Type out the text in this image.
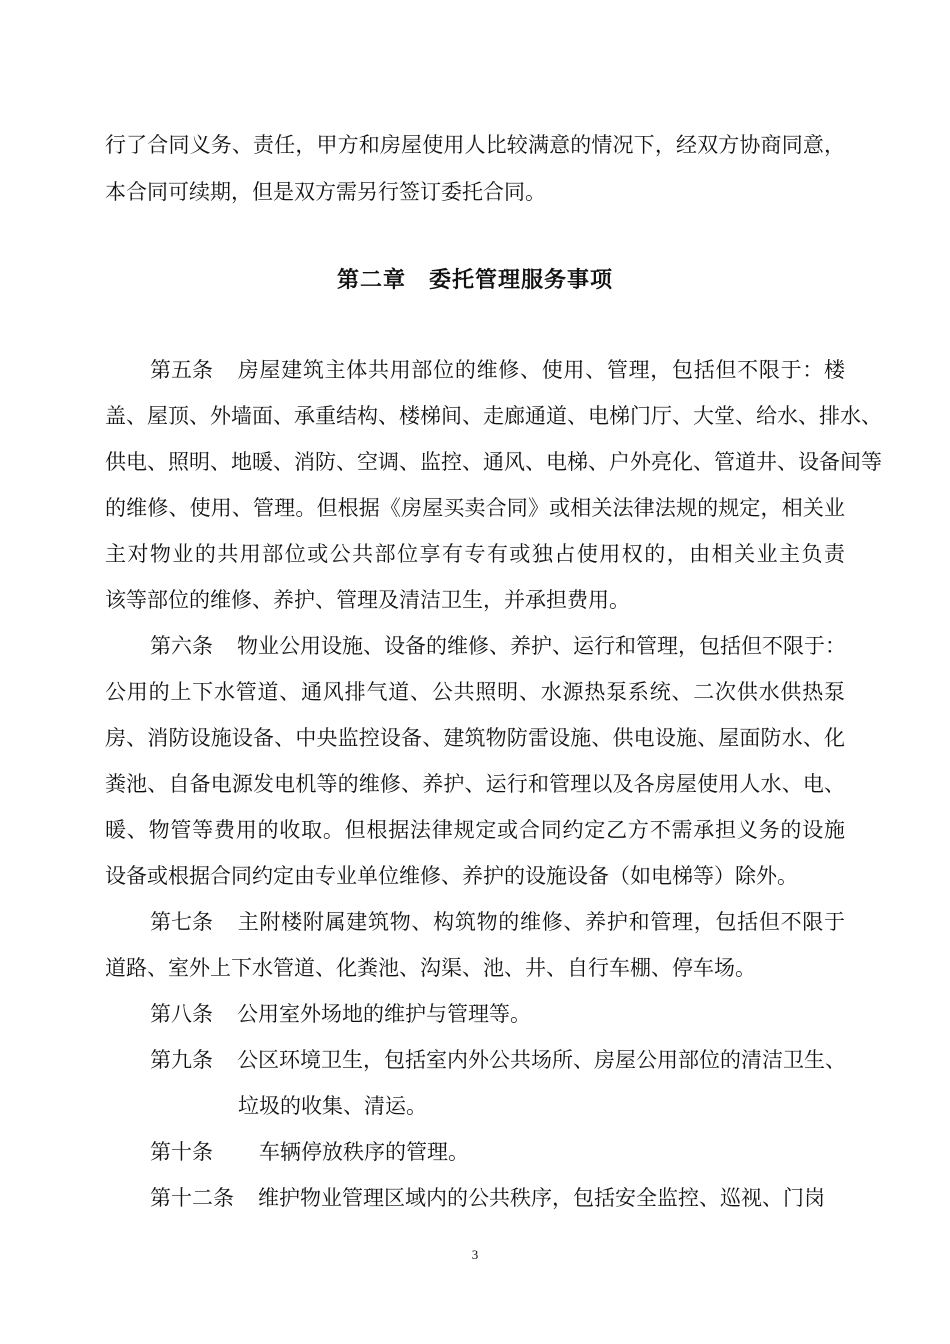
行了合同义务、责任，甲方和房屋使用人比较满意的情况下，经双方协商同意，
本合同可续期，但是双方需另行签订委托合同。
第二章　委托管理服务事项
第五条 房屋建筑主体共用部位的维修、使用、管理，包括但不限于：楼
盖、屋顶、外墙面、承重结构、楼梯间、走廊通道、电梯门厅、大堂、给水、排水、
供电、照明、地暖、消防、空调、监控、通风、电梯、户外亮化、管道井、设备间等
的维修、使用、管理。但根据《房屋买卖合同》或相关法律法规的规定，相关业
主对物业的共用部位或公共部位享有专有或独占使用权的，由相关业主负责
该等部位的维修、养护、管理及清洁卫生，并承担费用。
第六条 物业公用设施、设备的维修、养护、运行和管理，包括但不限于：
公用的上下水管道、通风排气道、公共照明、水源热泵系统、二次供水供热泵
房、消防设施设备、中央监控设备、建筑物防雷设施、供电设施、屋面防水、化
粪池、自备电源发电机等的维修、养护、运行和管理以及各房屋使用人水、电、
暖、物管等费用的收取。但根据法律规定或合同约定乙方不需承担义务的设施
设备或根据合同约定由专业单位维修、养护的设施设备（如电梯等）除外。
第七条 主附楼附属建筑物、构筑物的维修、养护和管理，包括但不限于
道路、室外上下水管道、化粪池、沟渠、池、井、自行车棚、停车场。
第八条 公用室外场地的维护与管理等。
第九条 公区环境卫生，包括室内外公共场所、房屋公用部位的清洁卫生、
垃圾的收集、清运。
第十条 车辆停放秩序的管理。
第十二条 维护物业管理区域内的公共秩序，包括安全监控、巡视、门岗
3
